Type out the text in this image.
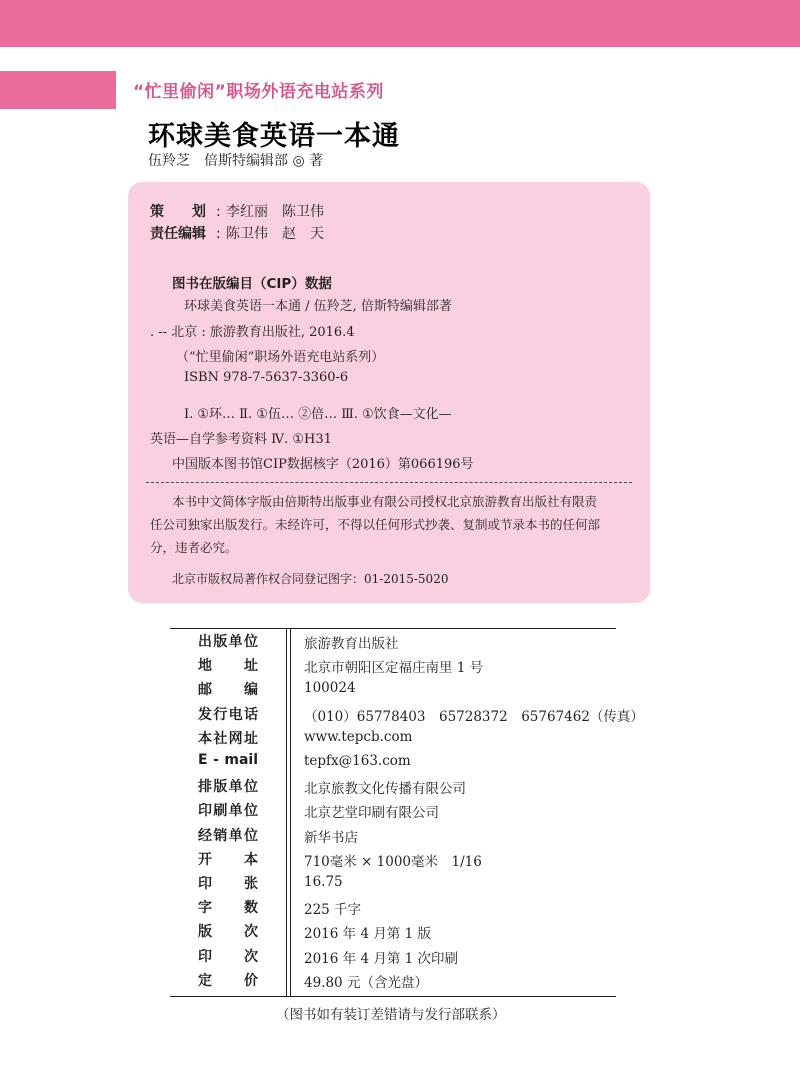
“忙里偷闲”职场外语充电站系列
环球美食英语一本通
伍羚芝　倍斯特编辑部 ◎ 著
策　　划 : 李红丽　陈卫伟
责任编辑 : 陈卫伟　赵　天
图书在版编目（CIP）数据
环球美食英语一本通 / 伍羚芝, 倍斯特编辑部著
. -- 北京 : 旅游教育出版社, 2016.4
（“忙里偷闲”职场外语充电站系列）
ISBN 978-7-5637-3360-6
Ⅰ. ①环… Ⅱ. ①伍… ②倍… Ⅲ. ①饮食—文化—
英语—自学参考资料 Ⅳ. ①H31
中国版本图书馆CIP数据核字（2016）第066196号
本书中文简体字版由倍斯特出版事业有限公司授权北京旅游教育出版社有限责
任公司独家出版发行。未经许可，不得以任何形式抄袭、复制或节录本书的任何部
分，违者必究。
北京市版权局著作权合同登记图字：01-2015-5020
出 版 单 位	旅游教育出版社
地 址	北京市朝阳区定福庄南里 1 号
邮 编	100024
发 行 电 话	（010）65778403　65728372　65767462（传真）
本 社 网 址	www.tepcb.com
E - mail	tepfx@163.com
排 版 单 位	北京旅教文化传播有限公司
印 刷 单 位	北京艺堂印刷有限公司
经 销 单 位	新华书店
开 本	710毫米 × 1000毫米　1/16
印 张	16.75
字 数	225 千字
版 次	2016 年 4 月第 1 版
印 次	2016 年 4 月第 1 次印刷
定 价	49.80 元（含光盘）
（图书如有装订差错请与发行部联系）
